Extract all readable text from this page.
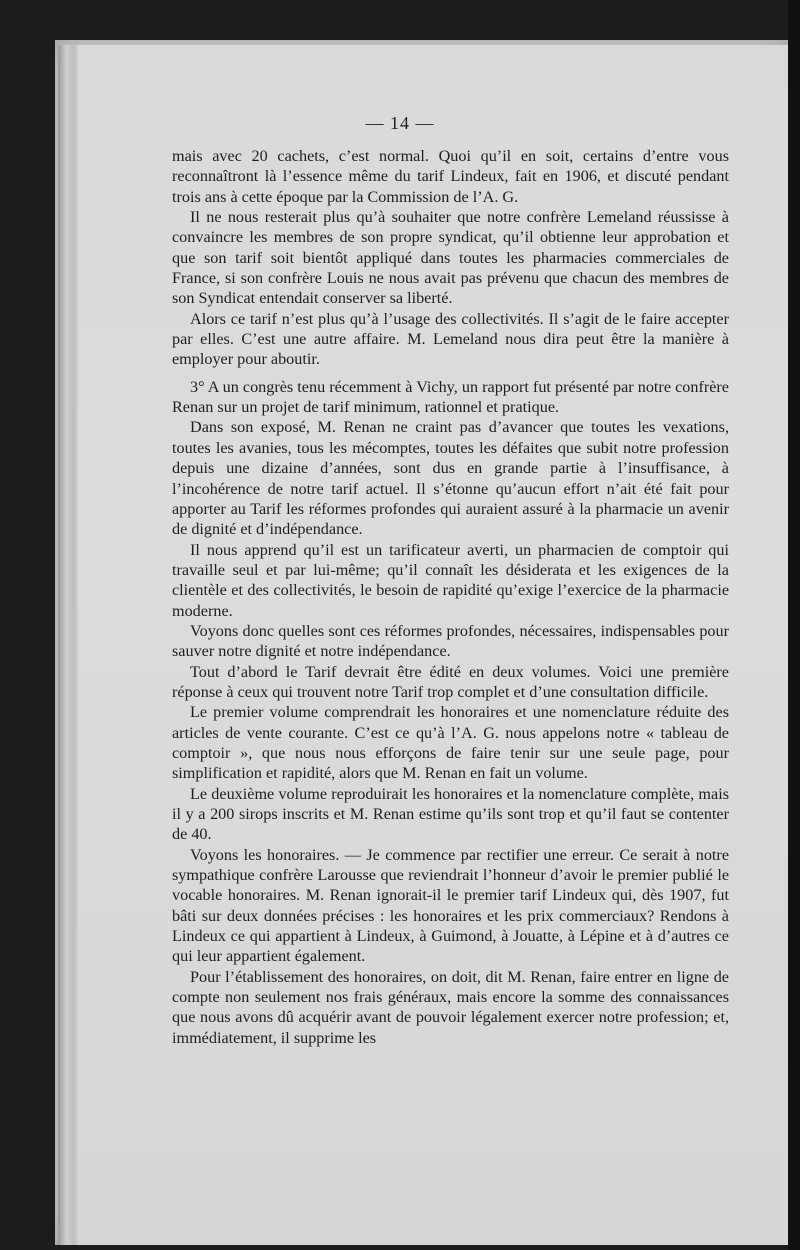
— 14 —

mais avec 20 cachets, c’est normal. Quoi qu’il en soit, certains d’entre vous reconnaîtront là l’essence même du tarif Lindeux, fait en 1906, et discuté pendant trois ans à cette époque par la Commission de l’A. G.

Il ne nous resterait plus qu’à souhaiter que notre confrère Lemeland réussisse à convaincre les membres de son propre syndicat, qu’il obtienne leur approbation et que son tarif soit bientôt appliqué dans toutes les pharmacies commerciales de France, si son confrère Louis ne nous avait pas prévenu que chacun des membres de son Syndicat entendait conserver sa liberté.

Alors ce tarif n’est plus qu’à l’usage des collectivités. Il s’agit de le faire accepter par elles. C’est une autre affaire. M. Lemeland nous dira peut être la manière à employer pour aboutir.

3° A un congrès tenu récemment à Vichy, un rapport fut présenté par notre confrère Renan sur un projet de tarif minimum, rationnel et pratique.

Dans son exposé, M. Renan ne craint pas d’avancer que toutes les vexations, toutes les avanies, tous les mécomptes, toutes les défaites que subit notre profession depuis une dizaine d’années, sont dus en grande partie à l’insuffisance, à l’incohérence de notre tarif actuel. Il s’étonne qu’aucun effort n’ait été fait pour apporter au Tarif les réformes profondes qui auraient assuré à la pharmacie un avenir de dignité et d’indépendance.

Il nous apprend qu’il est un tarificateur averti, un pharmacien de comptoir qui travaille seul et par lui-même; qu’il connaît les désiderata et les exigences de la clientèle et des collectivités, le besoin de rapidité qu’exige l’exercice de la pharmacie moderne.

Voyons donc quelles sont ces réformes profondes, nécessaires, indispensables pour sauver notre dignité et notre indépendance.

Tout d’abord le Tarif devrait être édité en deux volumes. Voici une première réponse à ceux qui trouvent notre Tarif trop complet et d’une consultation difficile.

Le premier volume comprendrait les honoraires et une nomenclature réduite des articles de vente courante. C’est ce qu’à l’A. G. nous appelons notre « tableau de comptoir », que nous nous efforçons de faire tenir sur une seule page, pour simplification et rapidité, alors que M. Renan en fait un volume.

Le deuxième volume reproduirait les honoraires et la nomenclature complète, mais il y a 200 sirops inscrits et M. Renan estime qu’ils sont trop et qu’il faut se contenter de 40.

Voyons les honoraires. — Je commence par rectifier une erreur. Ce serait à notre sympathique confrère Larousse que reviendrait l’honneur d’avoir le premier publié le vocable honoraires. M. Renan ignorait-il le premier tarif Lindeux qui, dès 1907, fut bâti sur deux données précises : les honoraires et les prix commerciaux? Rendons à Lindeux ce qui appartient à Lindeux, à Guimond, à Jouatte, à Lépine et à d’autres ce qui leur appartient également.

Pour l’établissement des honoraires, on doit, dit M. Renan, faire entrer en ligne de compte non seulement nos frais généraux, mais encore la somme des connaissances que nous avons dû acquérir avant de pouvoir légalement exercer notre profession; et, immédiatement, il supprime les
